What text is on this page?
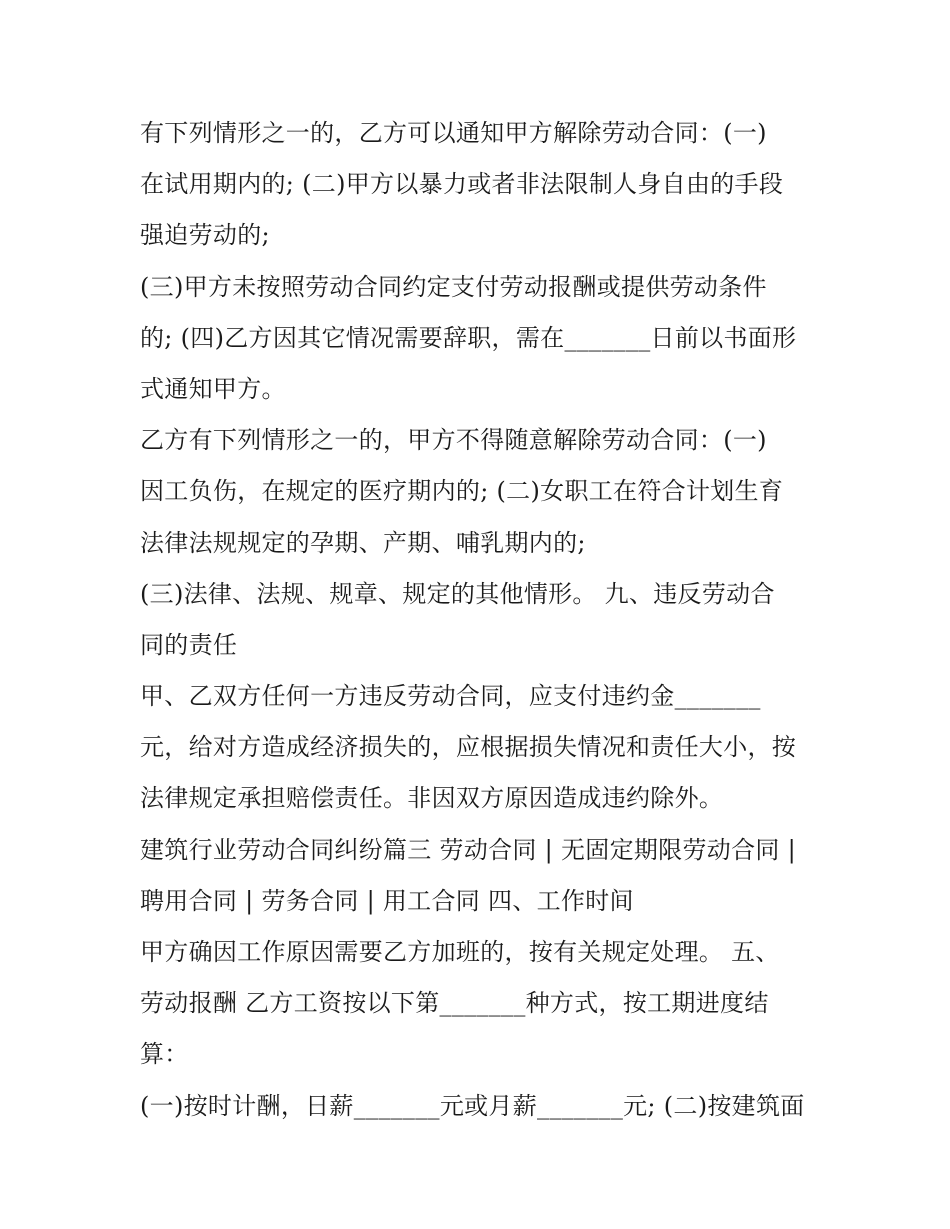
有下列情形之一的，乙方可以通知甲方解除劳动合同：(一)
在试用期内的; (二)甲方以暴力或者非法限制人身自由的手段
强迫劳动的;
(三)甲方未按照劳动合同约定支付劳动报酬或提供劳动条件
的; (四)乙方因其它情况需要辞职，需在_______日前以书面形
式通知甲方。
乙方有下列情形之一的，甲方不得随意解除劳动合同：(一)
因工负伤，在规定的医疗期内的; (二)女职工在符合计划生育
法律法规规定的孕期、产期、哺乳期内的;
(三)法律、法规、规章、规定的其他情形。 九、违反劳动合
同的责任
甲、乙双方任何一方违反劳动合同，应支付违约金_______
元，给对方造成经济损失的，应根据损失情况和责任大小，按
法律规定承担赔偿责任。非因双方原因造成违约除外。
建筑行业劳动合同纠纷篇三 劳动合同 | 无固定期限劳动合同 |
聘用合同 | 劳务合同 | 用工合同 四、工作时间
甲方确因工作原因需要乙方加班的，按有关规定处理。 五、
劳动报酬 乙方工资按以下第_______种方式，按工期进度结
算：
(一)按时计酬，日薪_______元或月薪_______元; (二)按建筑面
